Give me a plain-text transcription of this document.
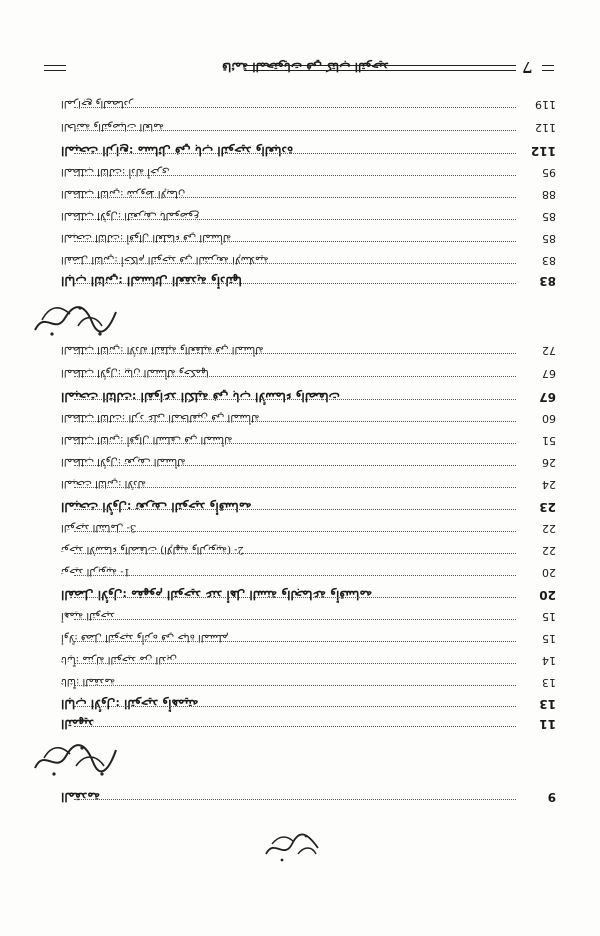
قائمة المحتويات في كتاب التوحيد	7
المراجع والمصادر	119
الخاتمة والتوصيات العامة	112
المبحث الرابع: مسائل في باب التوحيد والعبادة	112
المطلب الثالث: أدلة أخرى	95
المطلب الثاني: شروط الإيمان	88
المطلب الأول: التعريف بالموضوع	85
المبحث الثالث: أقوال العلماء في المسألة	85
الفصل الثاني: أحكام التوحيد في الشريعة الإسلامية	83
الباب الثاني: المسائل العقدية وأدلتها	83
المطلب الثاني: الأدلة النقلية والعقلية في المسألة	72
المطلب الأول: بيان المسألة وحكمها	67
المبحث الثالث: القواعد الكلية في باب الأسماء والصفات	67
المطلب الثالث: الرد على المخالفين في المسألة	60
المطلب الثاني: أقوال السلف في المسألة	51
المطلب الأول: تعريف المسألة	26
المبحث الثاني: الأدلة	24
المبحث الأول: تعريف التوحيد وأقسامه	23
3- التوحيد الشامل	22
2- توحيد الأسماء والصفات (الإلهية والربوبية)	22
1- توحيد الربوبية	20
الفصل الأول: مفهوم التوحيد عند أهل السنة والجماعة وأقسامه	20
أهمية التوحيد	15
أولاً: فضل التوحيد وأثره في حياة المسلم	15
ثانياً: منزلة التوحيد من الدين	14
ثالثاً: المقدمة	13
الباب الأول: التوحيد وأهميته	13
التمهيد	11
المقدمة	9
